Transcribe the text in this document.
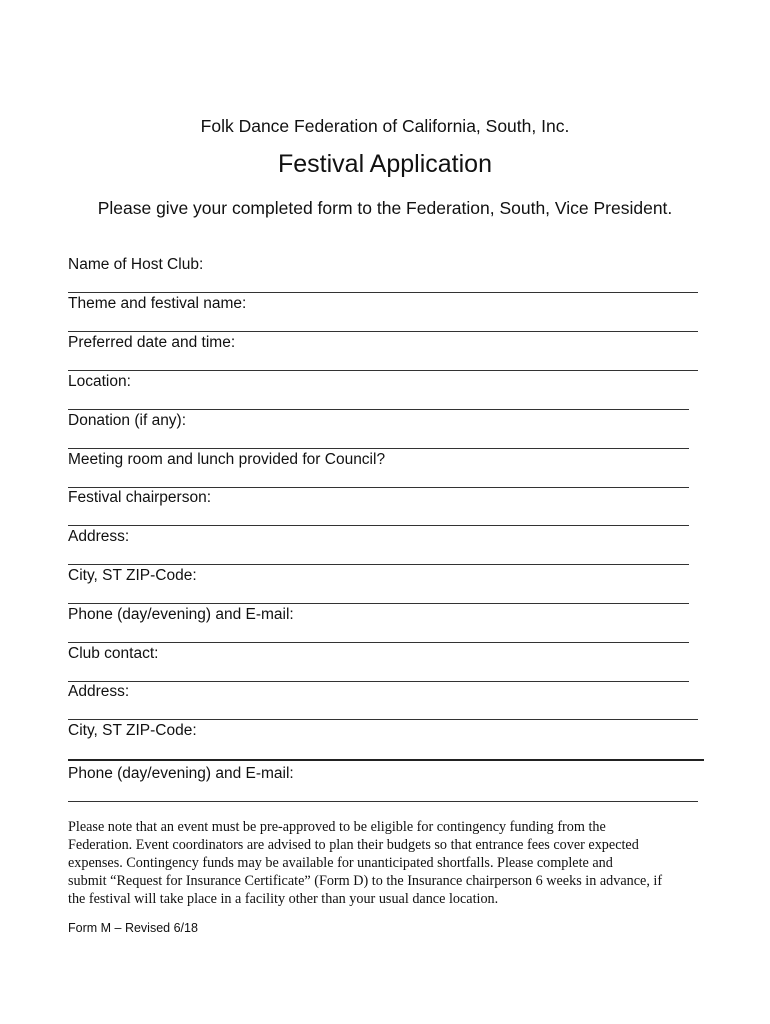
Folk Dance Federation of California, South, Inc.
Festival Application
Please give your completed form to the Federation, South, Vice President.
Name of Host Club:
Theme and festival name:
Preferred date and time:
Location:
Donation (if any):
Meeting room and lunch provided for Council?
Festival chairperson:
Address:
City, ST ZIP-Code:
Phone (day/evening) and E-mail:
Club contact:
Address:
City, ST ZIP-Code:
Phone (day/evening) and E-mail:
Please note that an event must be pre-approved to be eligible for contingency funding from the
Federation. Event coordinators are advised to plan their budgets so that entrance fees cover expected
expenses. Contingency funds may be available for unanticipated shortfalls. Please complete and
submit “Request for Insurance Certificate” (Form D) to the Insurance chairperson 6 weeks in advance, if
the festival will take place in a facility other than your usual dance location.
Form M – Revised 6/18
